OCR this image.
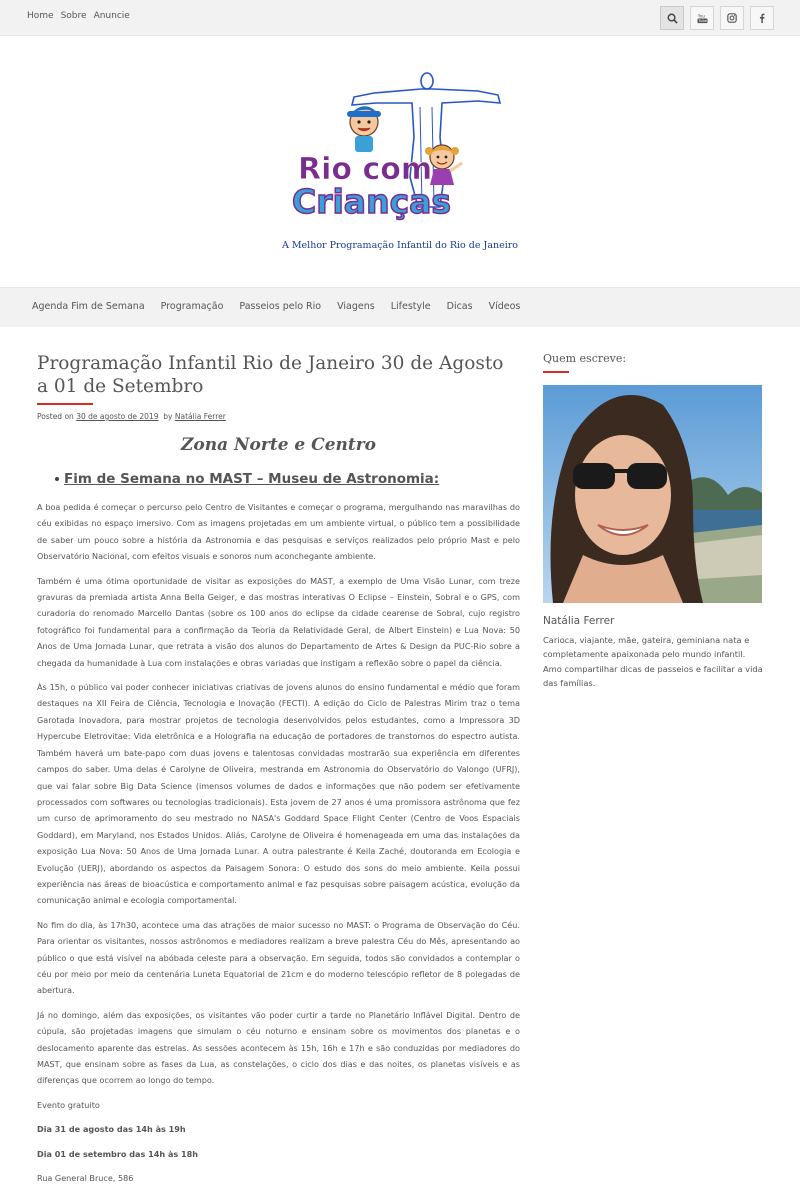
Home Sobre Anuncie	You
Tube
Rio com
Crianças
A Melhor Programação Infantil do Rio de Janeiro
Agenda Fim de Semana Programação Passeios pelo Rio Viagens Lifestyle Dicas Vídeos
Programação Infantil Rio de Janeiro 30 de Agosto a 01 de Setembro
Posted on 30 de agosto de 2019 by Natália Ferrer
Zona Norte e Centro
Fim de Semana no MAST – Museu de Astronomia:

A boa pedida é começar o percurso pelo Centro de Visitantes e começar o programa, mergulhando nas maravilhas do céu exibidas no espaço imersivo. Com as imagens projetadas em um ambiente virtual, o público tem a possibilidade de saber um pouco sobre a história da Astronomia e das pesquisas e serviços realizados pelo próprio Mast e pelo Observatório Nacional, com efeitos visuais e sonoros num aconchegante ambiente.

Também é uma ótima oportunidade de visitar as exposições do MAST, a exemplo de Uma Visão Lunar, com treze gravuras da premiada artista Anna Bella Geiger, e das mostras interativas O Eclipse – Einstein, Sobral e o GPS, com curadoria do renomado Marcello Dantas (sobre os 100 anos do eclipse da cidade cearense de Sobral, cujo registro fotográfico foi fundamental para a confirmação da Teoria da Relatividade Geral, de Albert Einstein) e Lua Nova: 50 Anos de Uma Jornada Lunar, que retrata a visão dos alunos do Departamento de Artes & Design da PUC-Rio sobre a chegada da humanidade à Lua com instalações e obras variadas que instigam a reflexão sobre o papel da ciência.

Às 15h, o público vai poder conhecer iniciativas criativas de jovens alunos do ensino fundamental e médio que foram destaques na XII Feira de Ciência, Tecnologia e Inovação (FECTI). A edição do Ciclo de Palestras Mirim traz o tema Garotada Inovadora, para mostrar projetos de tecnologia desenvolvidos pelos estudantes, como a Impressora 3D Hypercube Eletrovitae: Vida eletrônica e a Holografia na educação de portadores de transtornos do espectro autista. Também haverá um bate-papo com duas jovens e talentosas convidadas mostrarão sua experiência em diferentes campos do saber. Uma delas é Carolyne de Oliveira, mestranda em Astronomia do Observatório do Valongo (UFRJ), que vai falar sobre Big Data Science (imensos volumes de dados e informações que não podem ser efetivamente processados com softwares ou tecnologias tradicionais). Esta jovem de 27 anos é uma promissora astrônoma que fez um curso de aprimoramento do seu mestrado no NASA's Goddard Space Flight Center (Centro de Voos Espaciais Goddard), em Maryland, nos Estados Unidos. Aliás, Carolyne de Oliveira é homenageada em uma das instalações da exposição Lua Nova: 50 Anos de Uma Jornada Lunar. A outra palestrante é Keila Zaché, doutoranda em Ecologia e Evolução (UERJ), abordando os aspectos da Paisagem Sonora: O estudo dos sons do meio ambiente. Keila possui experiência nas áreas de bioacústica e comportamento animal e faz pesquisas sobre paisagem acústica, evolução da comunicação animal e ecologia comportamental.

No fim do dia, às 17h30, acontece uma das atrações de maior sucesso no MAST: o Programa de Observação do Céu. Para orientar os visitantes, nossos astrônomos e mediadores realizam a breve palestra Céu do Mês, apresentando ao público o que está visível na abóbada celeste para a observação. Em seguida, todos são convidados a contemplar o céu por meio por meio da centenária Luneta Equatorial de 21cm e do moderno telescópio refletor de 8 polegadas de abertura.

Já no domingo, além das exposições, os visitantes vão poder curtir a tarde no Planetário Inflável Digital. Dentro de cúpula, são projetadas imagens que simulam o céu noturno e ensinam sobre os movimentos dos planetas e o deslocamento aparente das estrelas. As sessões acontecem às 15h, 16h e 17h e são conduzidas por mediadores do MAST, que ensinam sobre as fases da Lua, as constelações, o ciclo dos dias e das noites, os planetas visíveis e as diferenças que ocorrem ao longo do tempo.

Evento gratuito

Dia 31 de agosto das 14h às 19h

Dia 01 de setembro das 14h às 18h

Rua General Bruce, 586

Quem escreve:
Natália Ferrer

Carioca, viajante, mãe, gateira, geminiana nata e completamente apaixonada pelo mundo infantil. Amo compartilhar dicas de passeios e facilitar a vida das famílias.
